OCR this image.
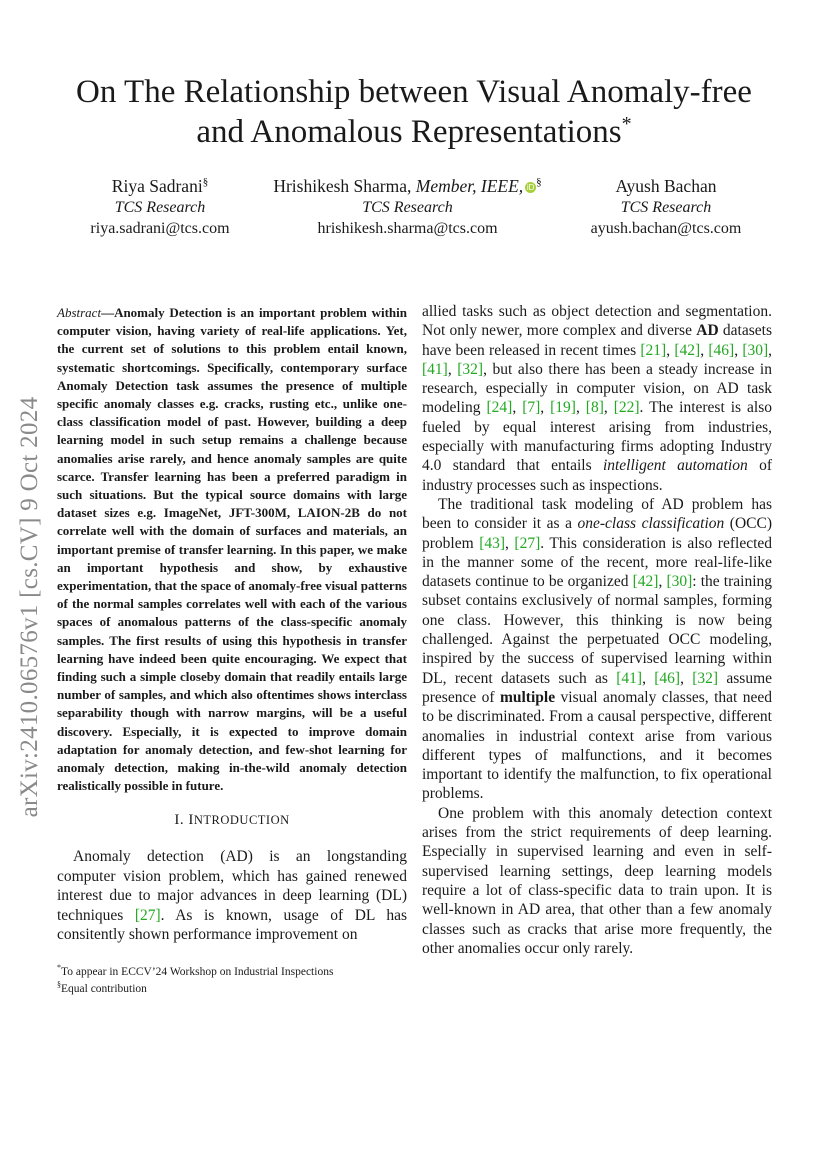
arXiv:2410.06576v1 [cs.CV] 9 Oct 2024
On The Relationship between Visual Anomaly-free
and Anomalous Representations*
Riya Sadrani§
TCS Research
riya.sadrani@tcs.com
Hrishikesh Sharma, Member, IEEE, iD §
TCS Research
hrishikesh.sharma@tcs.com
Ayush Bachan
TCS Research
ayush.bachan@tcs.com
Abstract—Anomaly Detection is an important problem within computer vision, having variety of real-life applications. Yet, the current set of solutions to this problem entail known, systematic shortcomings. Specifically, contemporary surface Anomaly Detection task assumes the presence of multiple specific anomaly classes e.g. cracks, rusting etc., unlike one-class classification model of past. However, building a deep learning model in such setup remains a challenge because anomalies arise rarely, and hence anomaly samples are quite scarce. Transfer learning has been a preferred paradigm in such situations. But the typical source domains with large dataset sizes e.g. ImageNet, JFT-300M, LAION-2B do not correlate well with the domain of surfaces and materials, an important premise of transfer learning. In this paper, we make an important hypothesis and show, by exhaustive experimentation, that the space of anomaly-free visual patterns of the normal samples correlates well with each of the various spaces of anomalous patterns of the class-specific anomaly samples. The first results of using this hypothesis in transfer learning have indeed been quite encouraging. We expect that finding such a simple closeby domain that readily entails large number of samples, and which also oftentimes shows interclass separability though with narrow margins, will be a useful discovery. Especially, it is expected to improve domain adaptation for anomaly detection, and few-shot learning for anomaly detection, making in-the-wild anomaly detection realistically possible in future.
I. INTRODUCTION

Anomaly detection (AD) is an longstanding computer vision problem, which has gained renewed interest due to major advances in deep learning (DL) techniques [27]. As is known, usage of DL has consitently shown performance improvement on

*To appear in ECCV’24 Workshop on Industrial Inspections
§Equal contribution

allied tasks such as object detection and segmentation. Not only newer, more complex and diverse AD datasets have been released in recent times [21], [42], [46], [30], [41], [32], but also there has been a steady increase in research, especially in computer vision, on AD task modeling [24], [7], [19], [8], [22]. The interest is also fueled by equal interest arising from industries, especially with manufacturing firms adopting Industry 4.0 standard that entails intelligent automation of industry processes such as inspections.

The traditional task modeling of AD problem has been to consider it as a one-class classification (OCC) problem [43], [27]. This consideration is also reflected in the manner some of the recent, more real-life-like datasets continue to be organized [42], [30]: the training subset contains exclusively of normal samples, forming one class. However, this thinking is now being challenged. Against the perpetuated OCC modeling, inspired by the success of supervised learning within DL, recent datasets such as [41], [46], [32] assume presence of multiple visual anomaly classes, that need to be discriminated. From a causal perspective, different anomalies in industrial context arise from various different types of malfunctions, and it becomes important to identify the malfunction, to fix operational problems.

One problem with this anomaly detection context arises from the strict requirements of deep learning. Especially in supervised learning and even in self-supervised learning settings, deep learning models require a lot of class-specific data to train upon. It is well-known in AD area, that other than a few anomaly classes such as cracks that arise more frequently, the other anomalies occur only rarely.
